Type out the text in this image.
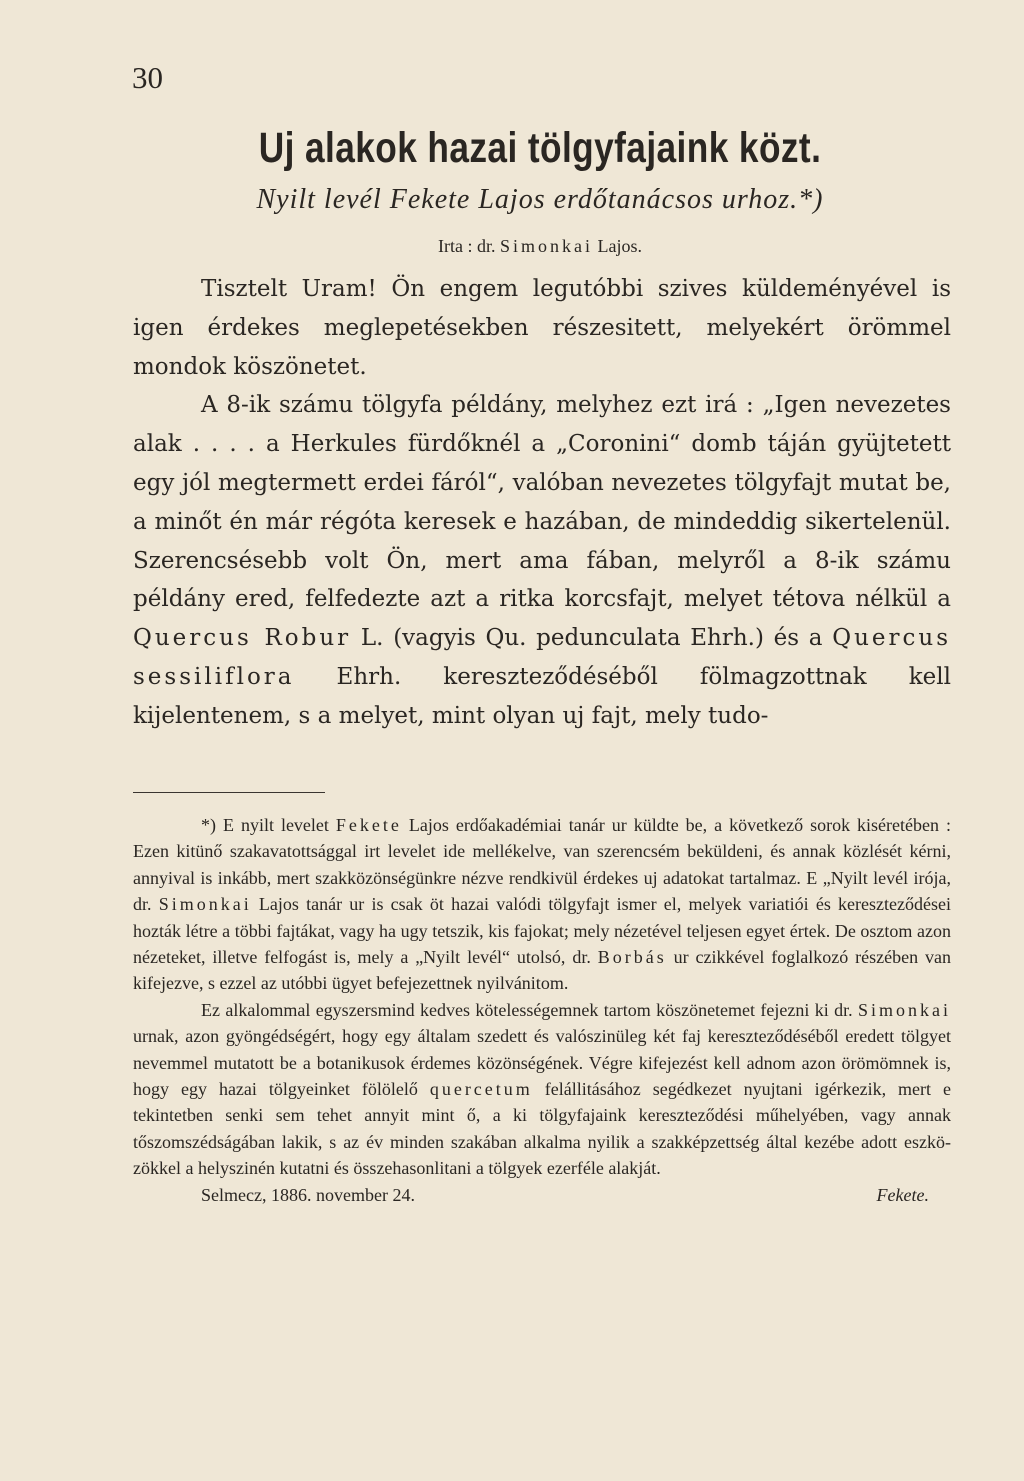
30
Uj alakok hazai tölgyfajaink közt.
Nyilt levél Fekete Lajos erdőtanácsos urhoz.*)
Irta : dr. Simonkai Lajos.

Tisztelt Uram! Ön engem legutóbbi szives küldeményével is igen érdekes meglepetésekben részesitett, melyekért örömmel mondok köszönetet.

A 8-ik számu tölgyfa példány, melyhez ezt irá : „Igen nevezetes alak . . . . a Herkules fürdőknél a „Coronini“ domb táján gyüjtetett egy jól megtermett erdei fáról“, valóban nevezetes tölgyfajt mutat be, a minőt én már régóta keresek e hazában, de mindeddig sikertelenül. Szerencsésebb volt Ön, mert ama fában, melyről a 8-ik számu példány ered, felfedezte azt a ritka korcsfajt, melyet tétova nélkül a Quercus Robur L. (vagyis Qu. pedunculata Ehrh.) és a Quercus sessiliflora Ehrh. kereszteződéséből fölmagzottnak kell kijelentenem, s a melyet, mint olyan uj fajt, mely tudo-

*) E nyilt levelet Fekete Lajos erdőakadémiai tanár ur küldte be, a következő sorok kiséretében : Ezen kitünő szakavatottsággal irt levelet ide mellékelve, van szerencsém beküldeni, és annak közlését kérni, annyival is inkább, mert szakközönségünkre nézve rendkivül érdekes uj adatokat tartalmaz. E „Nyilt levél irója, dr. Simonkai Lajos tanár ur is csak öt hazai valódi tölgyfajt ismer el, melyek variatiói és kereszteződései hozták létre a többi fajtákat, vagy ha ugy tetszik, kis fajokat; mely nézetével teljesen egyet értek. De osztom azon nézeteket, illetve felfogást is, mely a „Nyilt levél“ utolsó, dr. Borbás ur czikkével foglalkozó részében van kifejezve, s ezzel az utóbbi ügyet befejezettnek nyilvánitom.

Ez alkalommal egyszersmind kedves kötelességemnek tartom köszönetemet fejezni ki dr. Simonkai urnak, azon gyöngédségért, hogy egy általam szedett és valószinüleg két faj kereszteződéséből eredett tölgyet nevemmel mutatott be a botanikusok érdemes közönségének. Végre kifejezést kell adnom azon örömömnek is, hogy egy hazai tölgyeinket fölölelő quercetum felállitásához segédkezet nyujtani igérkezik, mert e tekintetben senki sem tehet annyit mint ő, a ki tölgyfajaink kereszteződési műhelyében, vagy annak tőszomszédságában lakik, s az év minden szakában alkalma nyilik a szakképzettség által kezébe adott eszközökkel a helyszinén kutatni és összehasonlitani a tölgyek ezerféle alakját.

Selmecz, 1886. november 24.	Fekete.
